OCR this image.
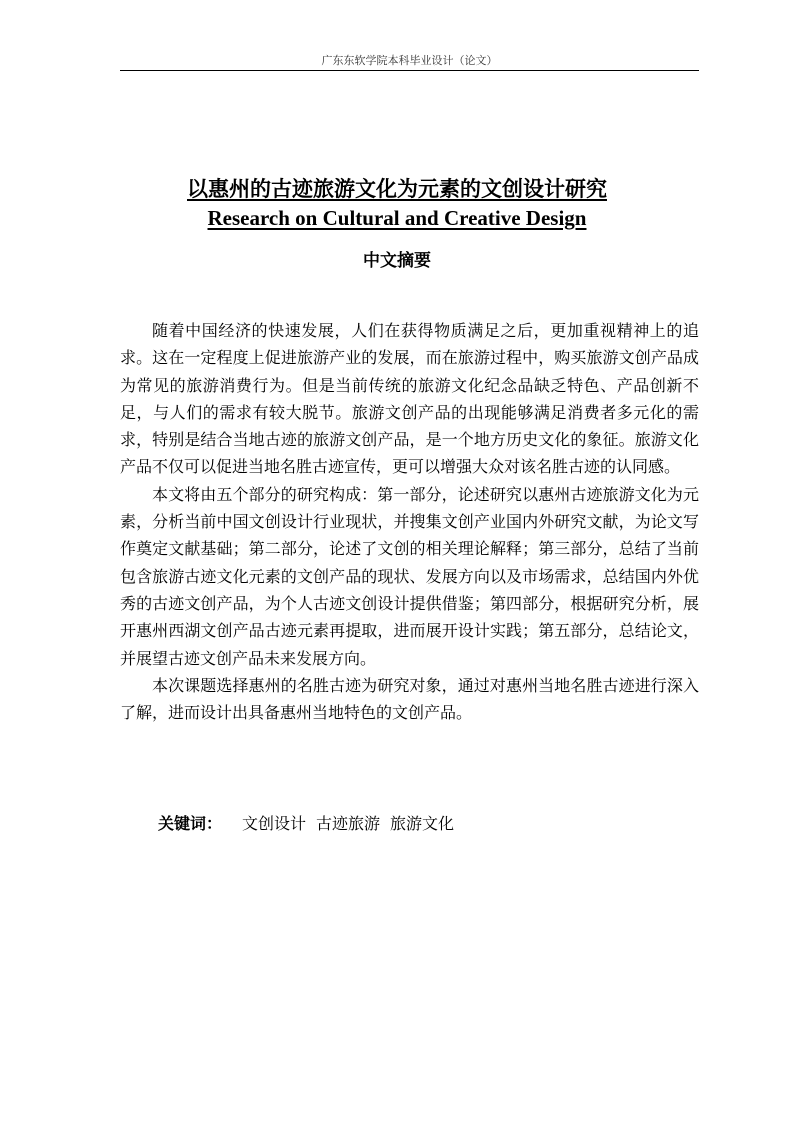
广东东软学院本科毕业设计（论文）
以惠州的古迹旅游文化为元素的文创设计研究
Research on Cultural and Creative Design
中文摘要

随着中国经济的快速发展，人们在获得物质满足之后，更加重视精神上的追求。这在一定程度上促进旅游产业的发展，而在旅游过程中，购买旅游文创产品成为常见的旅游消费行为。但是当前传统的旅游文化纪念品缺乏特色、产品创新不足，与人们的需求有较大脱节。旅游文创产品的出现能够满足消费者多元化的需求，特别是结合当地古迹的旅游文创产品，是一个地方历史文化的象征。旅游文化产品不仅可以促进当地名胜古迹宣传，更可以增强大众对该名胜古迹的认同感。

本文将由五个部分的研究构成：第一部分，论述研究以惠州古迹旅游文化为元素，分析当前中国文创设计行业现状，并搜集文创产业国内外研究文献，为论文写作奠定文献基础；第二部分，论述了文创的相关理论解释；第三部分，总结了当前包含旅游古迹文化元素的文创产品的现状、发展方向以及市场需求，总结国内外优秀的古迹文创产品，为个人古迹文创设计提供借鉴；第四部分，根据研究分析，展开惠州西湖文创产品古迹元素再提取，进而展开设计实践；第五部分，总结论文，并展望古迹文创产品未来发展方向。

本次课题选择惠州的名胜古迹为研究对象，通过对惠州当地名胜古迹进行深入了解，进而设计出具备惠州当地特色的文创产品。

关键词： 文创设计 古迹旅游 旅游文化
